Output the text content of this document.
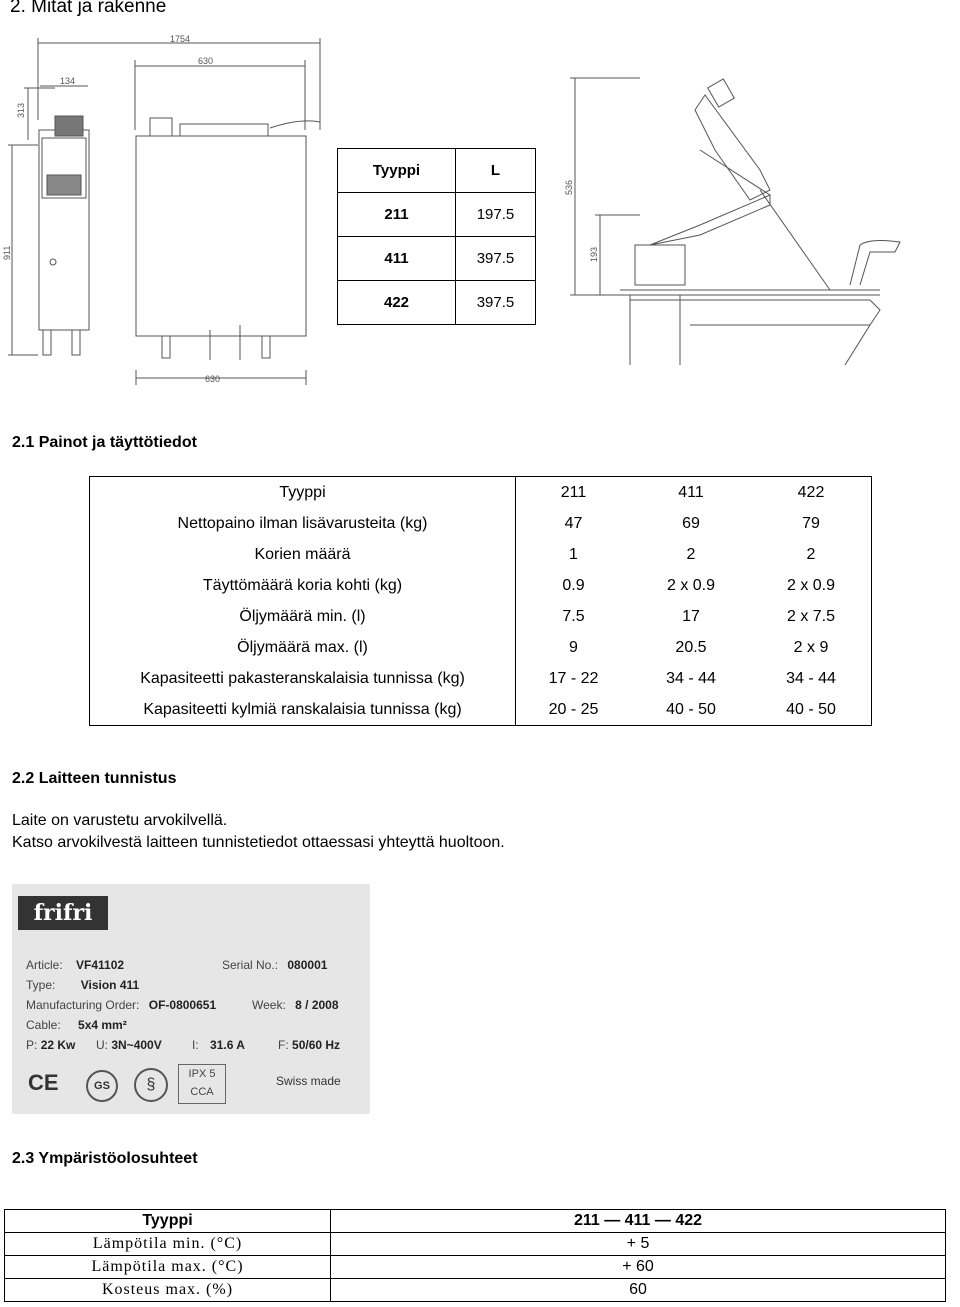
2. Mitat ja rakenne
1754
630
134
630
313
911
536
193
Tyyppi	L
211	197.5
411	397.5
422	397.5
2.1 Painot ja täyttötiedot
Tyyppi	211	411	422
Nettopaino ilman lisävarusteita (kg)	47	69	79
Korien määrä	1	2	2
Täyttömäärä koria kohti (kg)	0.9	2 x 0.9	2 x 0.9
Öljymäärä min. (l)	7.5	17	2 x 7.5
Öljymäärä max. (l)	9	20.5	2 x 9
Kapasiteetti pakasteranskalaisia tunnissa (kg)	17 - 22	34 - 44	34 - 44
Kapasiteetti kylmiä ranskalaisia tunnissa (kg)	20 - 25	40 - 50	40 - 50
2.2 Laitteen tunnistus
Laite on varustetu arvokilvellä.
Katso arvokilvestä laitteen tunnistetiedot ottaessasi yhteyttä huoltoon.
frifri
Article: VF41102	Serial No.: 080001
Type: Vision 411
Manufacturing Order: OF-0800651	Week: 8 / 2008
Cable: 5x4 mm²
P: 22 Kw U: 3N~400V	I: 31.6 A	F: 50/60 Hz
CE	GS	§
IPX 5
CCA
Swiss made
2.3 Ympäristöolosuhteet
Tyyppi	211 — 411 — 422
Lämpötila min. (°C)	+ 5
Lämpötila max. (°C)	+ 60
Kosteus max. (%)	60
